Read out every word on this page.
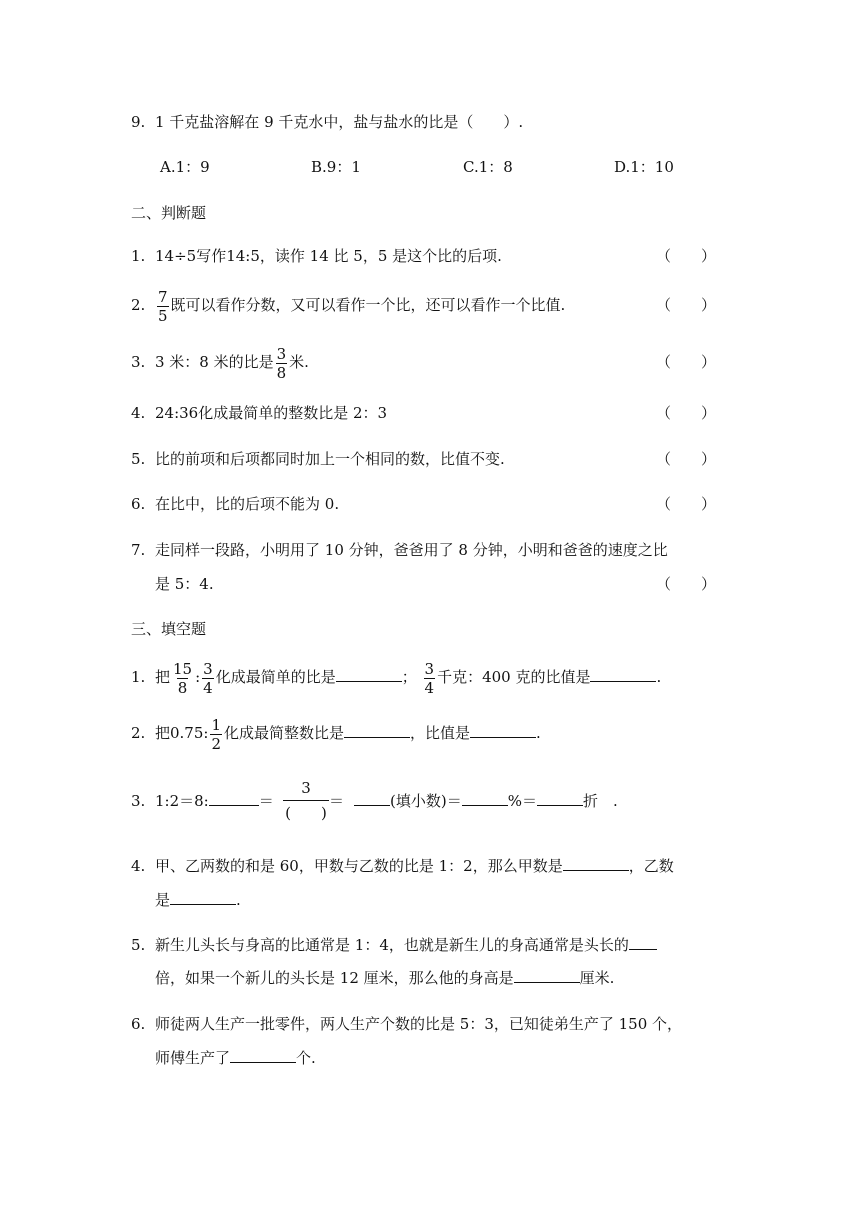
9. 1 千克盐溶解在 9 千克水中，盐与盐水的比是（　　）.
A.1：9	B.9：1	C.1：8	D.1：10
二、判断题
1. 14÷5写作14:5，读作 14 比 5，5 是这个比的后项.	（　　）
2. $\frac{7}{5}$ 既可以看作分数，又可以看作一个比，还可以看作一个比值.	（　　）
3. 3 米：8 米的比是 $\frac{3}{8}$ 米.	（　　）
4. 24:36化成最简单的整数比是 2：3	（　　）
5. 比的前项和后项都同时加上一个相同的数，比值不变.	（　　）
6. 在比中，比的后项不能为 0.	（　　）
7. 走同样一段路，小明用了 10 分钟，爸爸用了 8 分钟，小明和爸爸的速度之比
是 5：4.	（　　）
三、填空题
1. 把 $\frac{15}{8}$ : $\frac{3}{4}$ 化成最简单的比是	； $\frac{3}{4}$ 千克：400 克的比值是	.
2. 把0.75: $\frac{1}{2}$ 化成最简整数比是	，比值是	.
3. 1:2＝8:	＝
3
(　　)
＝	(填小数)＝	%＝	折　.
4. 甲、乙两数的和是 60，甲数与乙数的比是 1：2，那么甲数是	，乙数
是	.
5. 新生儿头长与身高的比通常是 1：4，也就是新生儿的身高通常是头长的
倍，如果一个新儿的头长是 12 厘米，那么他的身高是	厘米.
6. 师徒两人生产一批零件，两人生产个数的比是 5：3，已知徒弟生产了 150 个，
师傅生产了	个.
